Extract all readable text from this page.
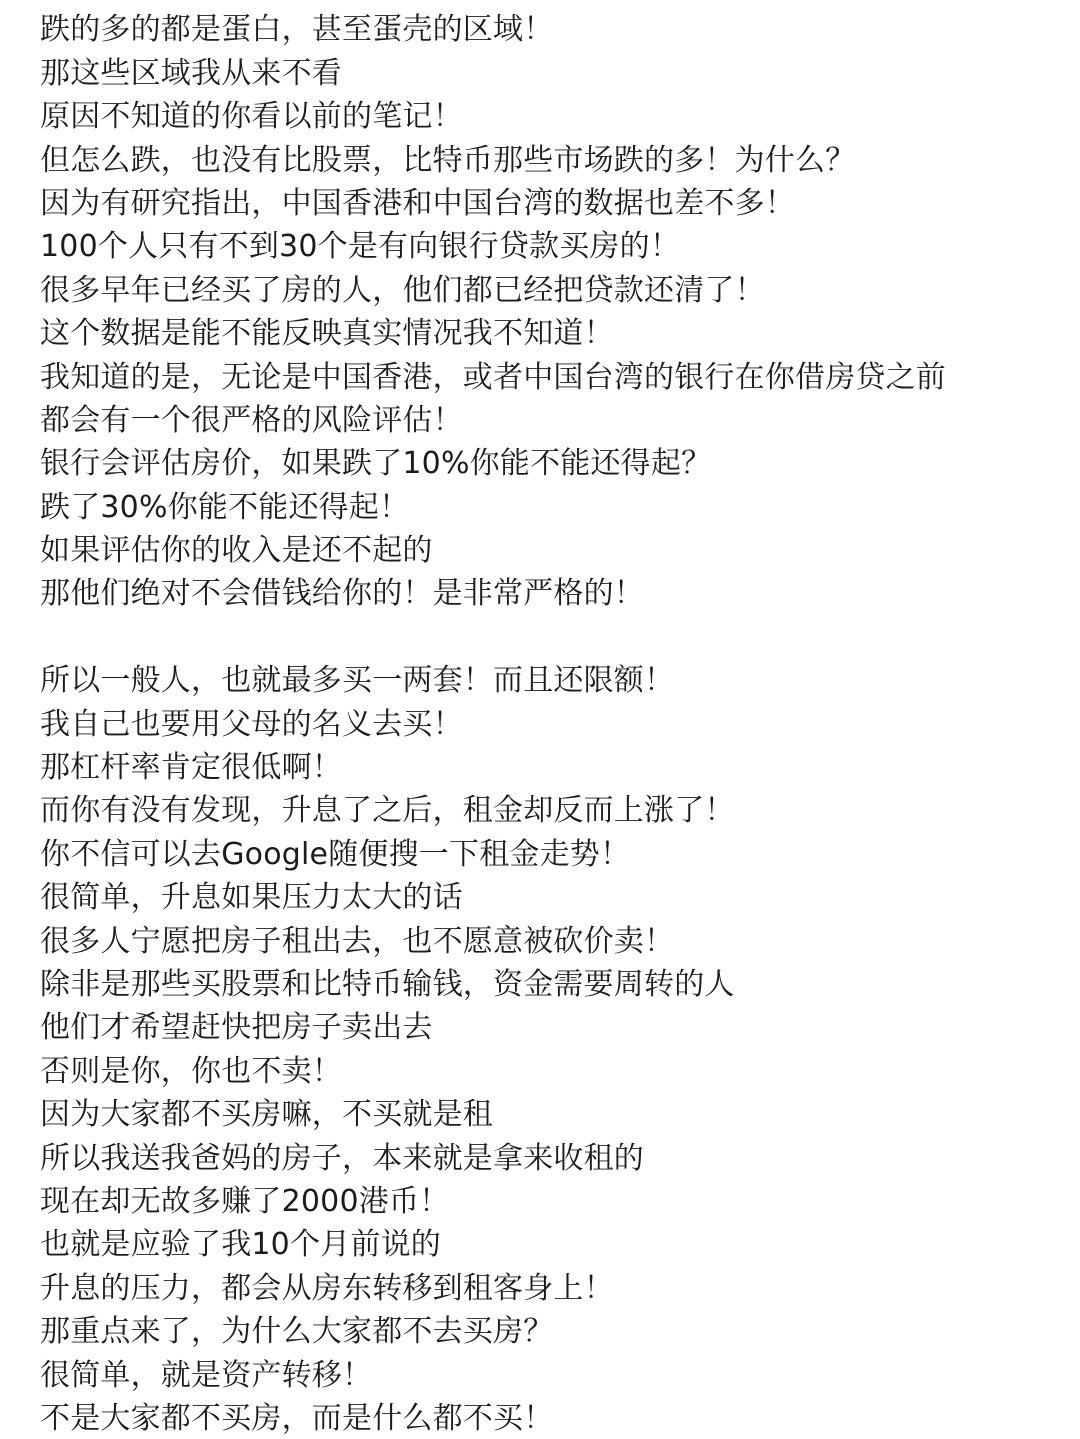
跌的多的都是蛋白，甚至蛋壳的区域！
那这些区域我从来不看
原因不知道的你看以前的笔记！
但怎么跌，也没有比股票，比特币那些市场跌的多！为什么？
因为有研究指出，中国香港和中国台湾的数据也差不多！
100个人只有不到30个是有向银行贷款买房的！
很多早年已经买了房的人，他们都已经把贷款还清了！
这个数据是能不能反映真实情况我不知道！
我知道的是，无论是中国香港，或者中国台湾的银行在你借房贷之前
都会有一个很严格的风险评估！
银行会评估房价，如果跌了10%你能不能还得起？
跌了30%你能不能还得起！
如果评估你的收入是还不起的
那他们绝对不会借钱给你的！是非常严格的！
所以一般人，也就最多买一两套！而且还限额！
我自己也要用父母的名义去买！
那杠杆率肯定很低啊！
而你有没有发现，升息了之后，租金却反而上涨了！
你不信可以去Google随便搜一下租金走势！
很简单，升息如果压力太大的话
很多人宁愿把房子租出去，也不愿意被砍价卖！
除非是那些买股票和比特币输钱，资金需要周转的人
他们才希望赶快把房子卖出去
否则是你，你也不卖！
因为大家都不买房嘛，不买就是租
所以我送我爸妈的房子，本来就是拿来收租的
现在却无故多赚了2000港币！
也就是应验了我10个月前说的
升息的压力，都会从房东转移到租客身上！
那重点来了，为什么大家都不去买房？
很简单，就是资产转移！
不是大家都不买房，而是什么都不买！
